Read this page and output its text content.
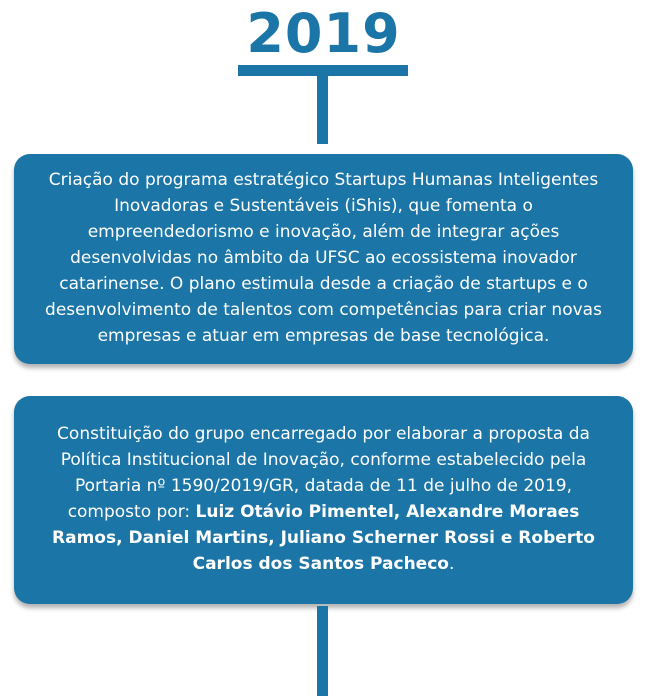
2019
Criação do programa estratégico Startups Humanas Inteligentes Inovadoras e Sustentáveis (iShis), que fomenta o empreendedorismo e inovação, além de integrar ações desenvolvidas no âmbito da UFSC ao ecossistema inovador catarinense. O plano estimula desde a criação de startups e o desenvolvimento de talentos com competências para criar novas empresas e atuar em empresas de base tecnológica.
Constituição do grupo encarregado por elaborar a proposta da Política Institucional de Inovação, conforme estabelecido pela Portaria nº 1590/2019/GR, datada de 11 de julho de 2019, composto por: Luiz Otávio Pimentel, Alexandre Moraes Ramos, Daniel Martins, Juliano Scherner Rossi e Roberto Carlos dos Santos Pacheco.
